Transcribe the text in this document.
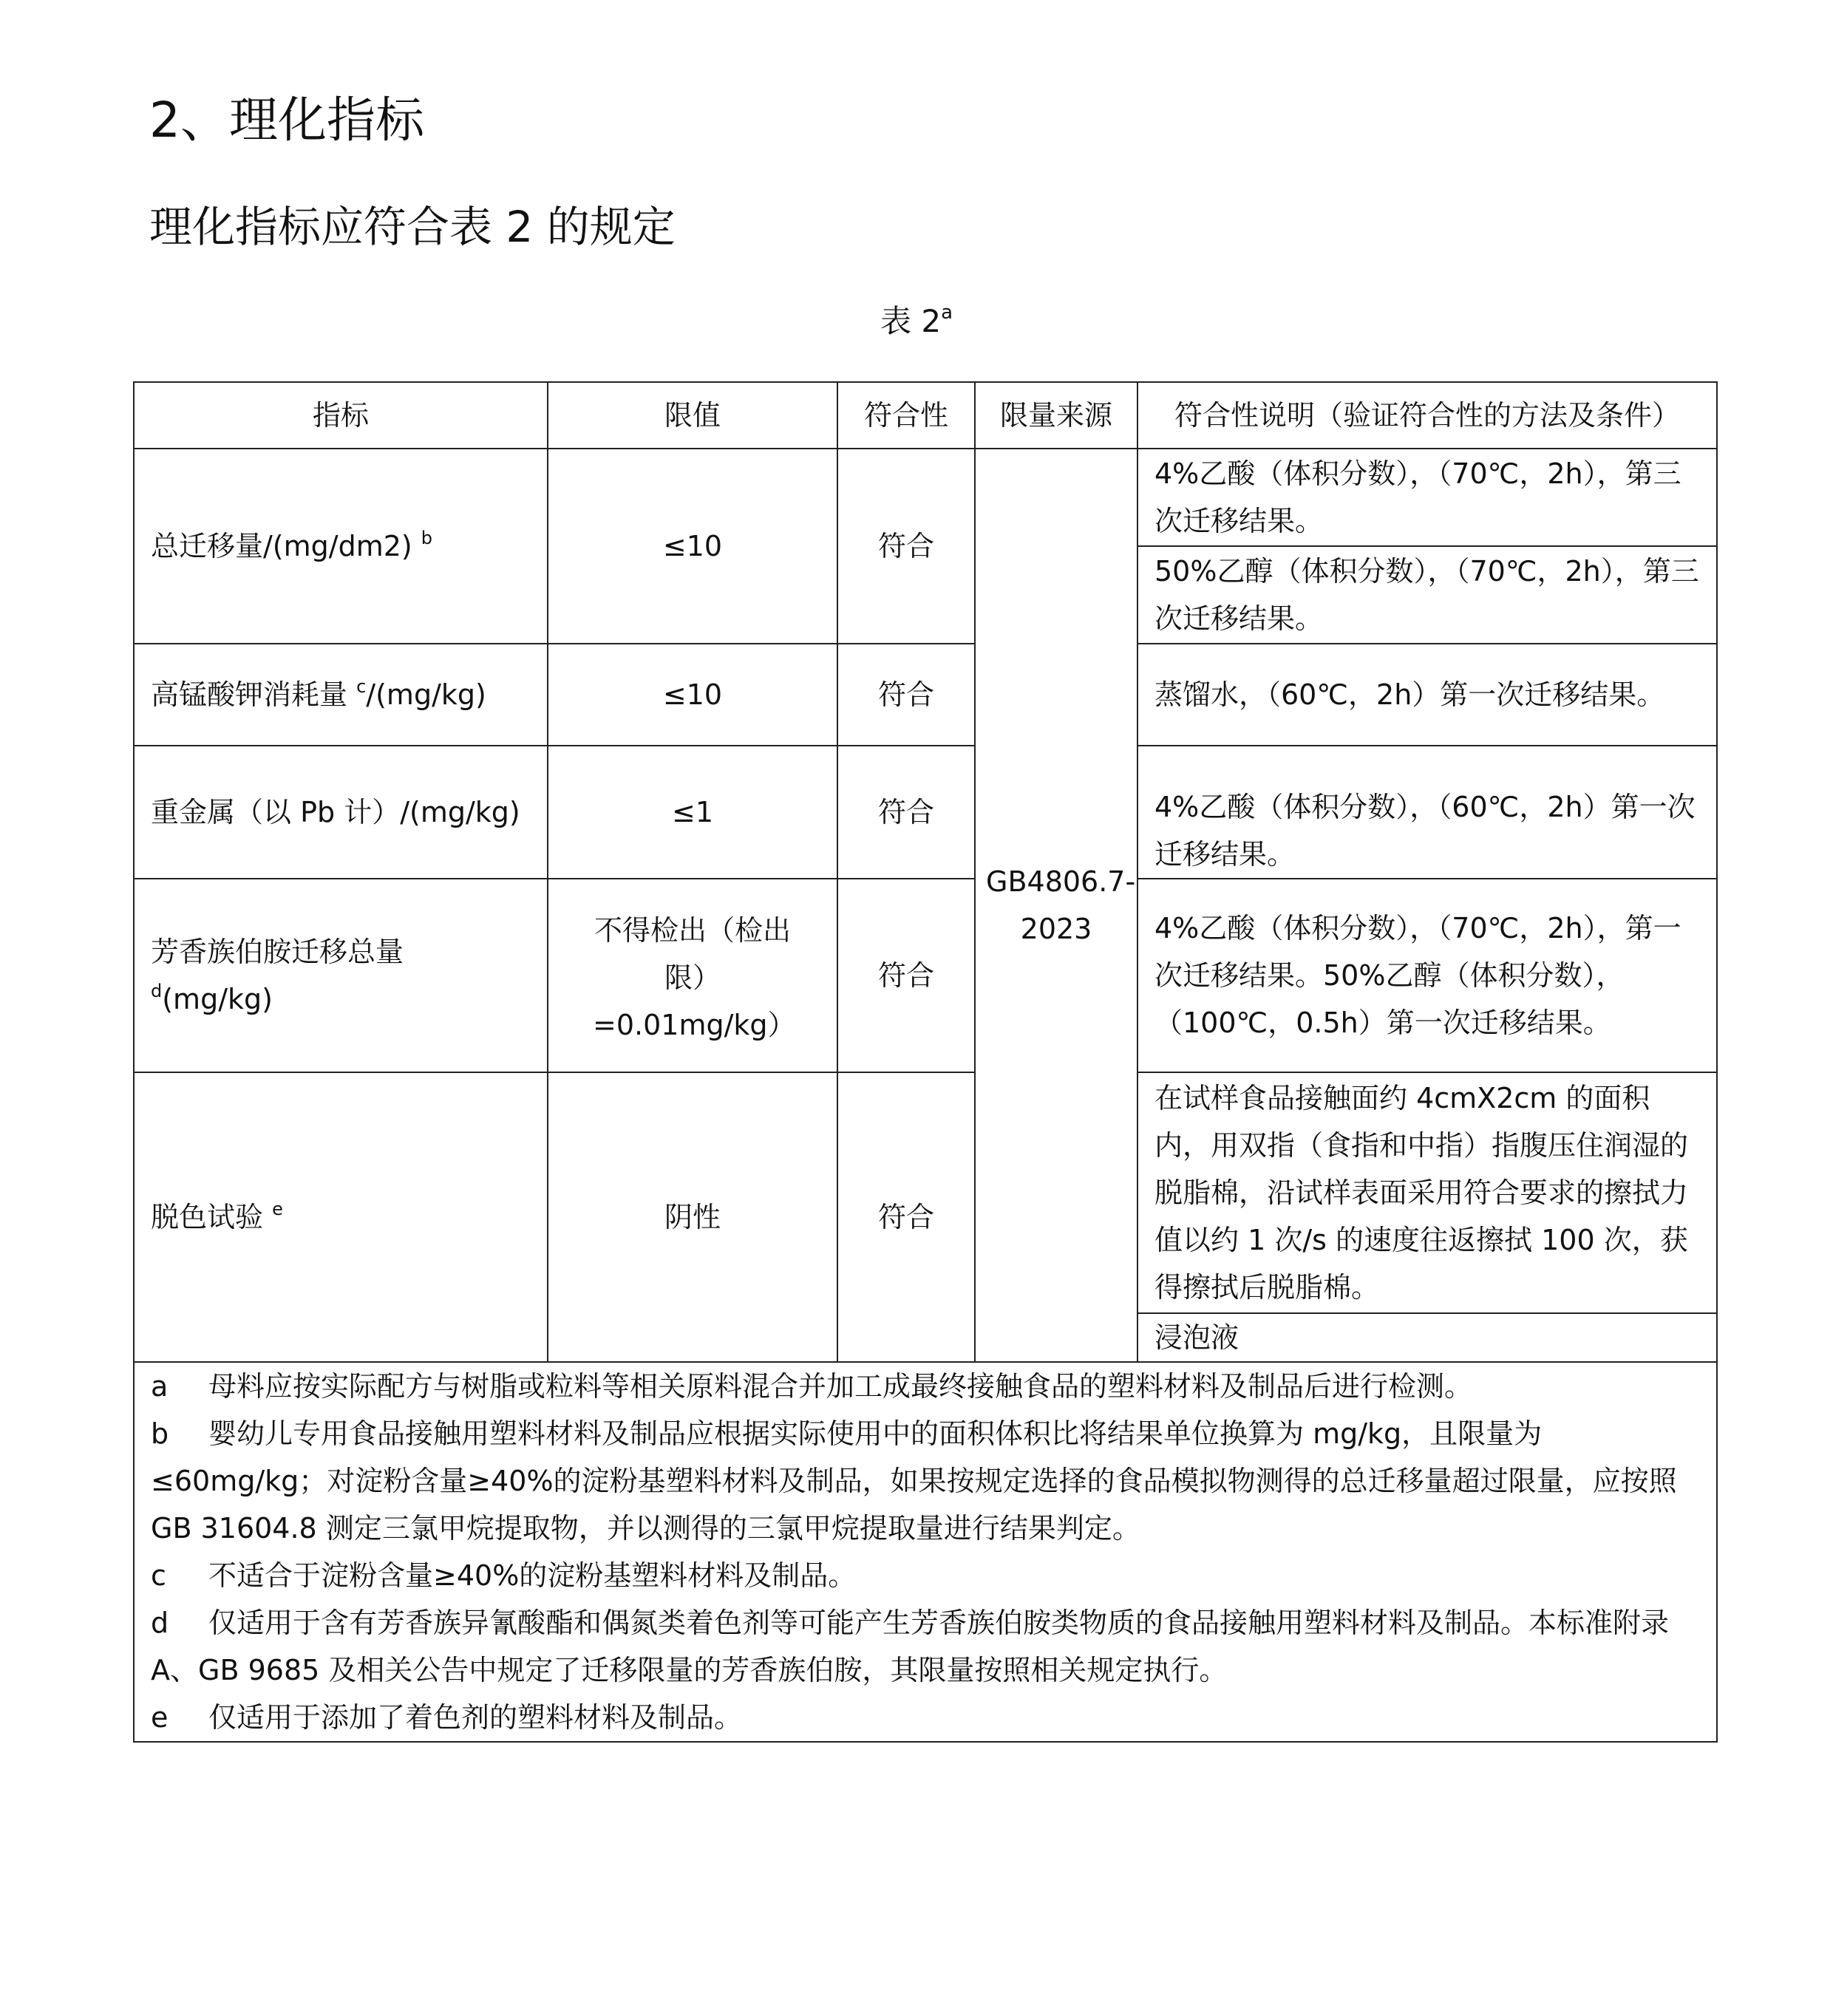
2、理化指标
理化指标应符合表 2 的规定
表 2$^a$
指标	限值	符合性	限量来源	符合性说明（验证符合性的方法及条件）
总迁移量/(mg/dm2) $^b$	≤10	符合	GB4806.7-2023	4%乙酸（体积分数），（70℃，2h），第三次迁移结果。
				50%乙醇（体积分数），（70℃，2h），第三次迁移结果。
高锰酸钾消耗量 $^c$/(mg/kg)	≤10	符合		蒸馏水，（60℃，2h）第一次迁移结果。
重金属（以 Pb 计）/(mg/kg)	≤1	符合		4%乙酸（体积分数），（60℃，2h）第一次迁移结果。
芳香族伯胺迁移总量 $^d$(mg/kg)	不得检出（检出限）=0.01mg/kg）	符合		4%乙酸（体积分数），（70℃，2h），第一次迁移结果。50%乙醇（体积分数），（100℃，0.5h）第一次迁移结果。
脱色试验 $^e$	阴性	符合		在试样食品接触面约 4cmX2cm 的面积内，用双指（食指和中指）指腹压住润湿的脱脂棉，沿试样表面采用符合要求的擦拭力值以约 1 次/s 的速度往返擦拭 100 次，获得擦拭后脱脂棉。
				浸泡液

a 母料应按实际配方与树脂或粒料等相关原料混合并加工成最终接触食品的塑料材料及制品后进行检测。
b 婴幼儿专用食品接触用塑料材料及制品应根据实际使用中的面积体积比将结果单位换算为 mg/kg，且限量为≤60mg/kg；对淀粉含量≥40%的淀粉基塑料材料及制品，如果按规定选择的食品模拟物测得的总迁移量超过限量，应按照 GB 31604.8 测定三氯甲烷提取物，并以测得的三氯甲烷提取量进行结果判定。
c 不适合于淀粉含量≥40%的淀粉基塑料材料及制品。
d 仅适用于含有芳香族异氰酸酯和偶氮类着色剂等可能产生芳香族伯胺类物质的食品接触用塑料材料及制品。本标准附录 A、GB 9685 及相关公告中规定了迁移限量的芳香族伯胺，其限量按照相关规定执行。
e 仅适用于添加了着色剂的塑料材料及制品。				
